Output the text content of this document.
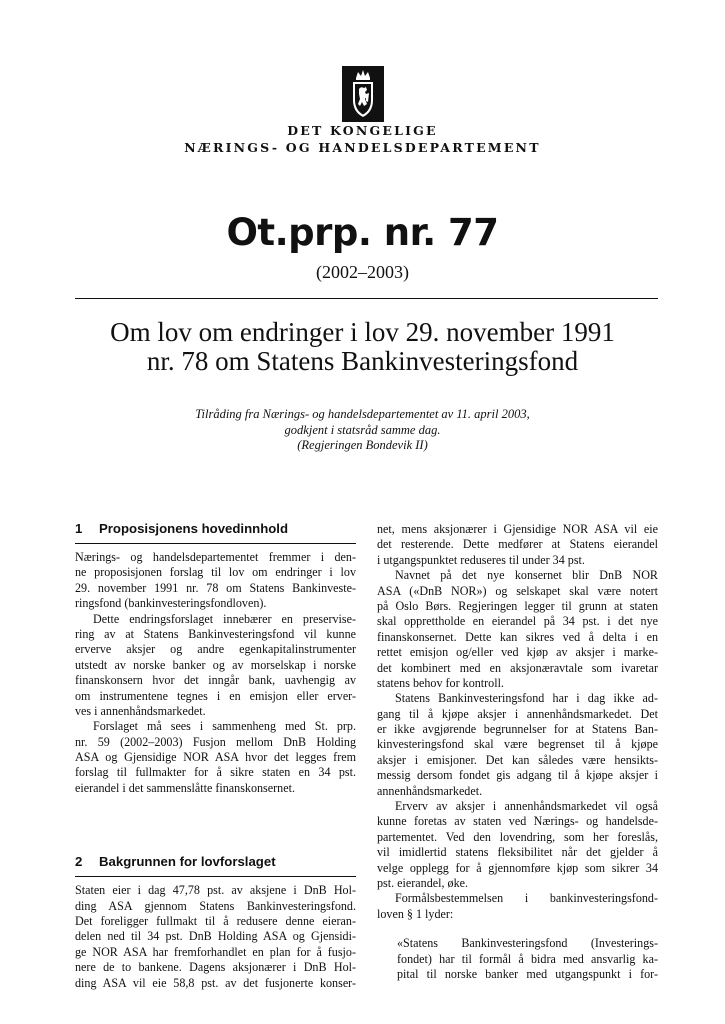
DET KONGELIGE
NÆRINGS- OG HANDELSDEPARTEMENT
Ot.prp. nr. 77
(2002–2003)
Om lov om endringer i lov 29. november 1991
nr. 78 om Statens Bankinvesteringsfond
Tilråding fra Nærings- og handelsdepartementet av 11. april 2003,
godkjent i statsråd samme dag.
(Regjeringen Bondevik II)
1 Proposisjonens hovedinnhold
Nærings- og handelsdepartementet fremmer i den-
ne proposisjonen forslag til lov om endringer i lov
29. november 1991 nr. 78 om Statens Bankinveste-
ringsfond (bankinvesteringsfondloven).
Dette endringsforslaget innebærer en preservise-
ring av at Statens Bankinvesteringsfond vil kunne
erverve aksjer og andre egenkapitalinstrumenter
utstedt av norske banker og av morselskap i norske
finanskonsern hvor det inngår bank, uavhengig av
om instrumentene tegnes i en emisjon eller erver-
ves i annenhåndsmarkedet.
Forslaget må sees i sammenheng med St. prp.
nr. 59 (2002–2003) Fusjon mellom DnB Holding
ASA og Gjensidige NOR ASA hvor det legges frem
forslag til fullmakter for å sikre staten en 34 pst.
eierandel i det sammenslåtte finanskonsernet.
2 Bakgrunnen for lovforslaget
Staten eier i dag 47,78 pst. av aksjene i DnB Hol-
ding ASA gjennom Statens Bankinvesteringsfond.
Det foreligger fullmakt til å redusere denne eieran-
delen ned til 34 pst. DnB Holding ASA og Gjensidi-
ge NOR ASA har fremforhandlet en plan for å fusjo-
nere de to bankene. Dagens aksjonærer i DnB Hol-
ding ASA vil eie 58,8 pst. av det fusjonerte konser-
net, mens aksjonærer i Gjensidige NOR ASA vil eie
det resterende. Dette medfører at Statens eierandel
i utgangspunktet reduseres til under 34 pst.
Navnet på det nye konsernet blir DnB NOR
ASA («DnB NOR») og selskapet skal være notert
på Oslo Børs. Regjeringen legger til grunn at staten
skal opprettholde en eierandel på 34 pst. i det nye
finanskonsernet. Dette kan sikres ved å delta i en
rettet emisjon og/eller ved kjøp av aksjer i marke-
det kombinert med en aksjonæravtale som ivaretar
statens behov for kontroll.
Statens Bankinvesteringsfond har i dag ikke ad-
gang til å kjøpe aksjer i annenhåndsmarkedet. Det
er ikke avgjørende begrunnelser for at Statens Ban-
kinvesteringsfond skal være begrenset til å kjøpe
aksjer i emisjoner. Det kan således være hensikts-
messig dersom fondet gis adgang til å kjøpe aksjer i
annenhåndsmarkedet.
Erverv av aksjer i annenhåndsmarkedet vil også
kunne foretas av staten ved Nærings- og handelsde-
partementet. Ved den lovendring, som her foreslås,
vil imidlertid statens fleksibilitet når det gjelder å
velge opplegg for å gjennomføre kjøp som sikrer 34
pst. eierandel, øke.
Formålsbestemmelsen i bankinvesteringsfond-
loven § 1 lyder:
«Statens Bankinvesteringsfond (Investerings-
fondet) har til formål å bidra med ansvarlig ka-
pital til norske banker med utgangspunkt i for-
